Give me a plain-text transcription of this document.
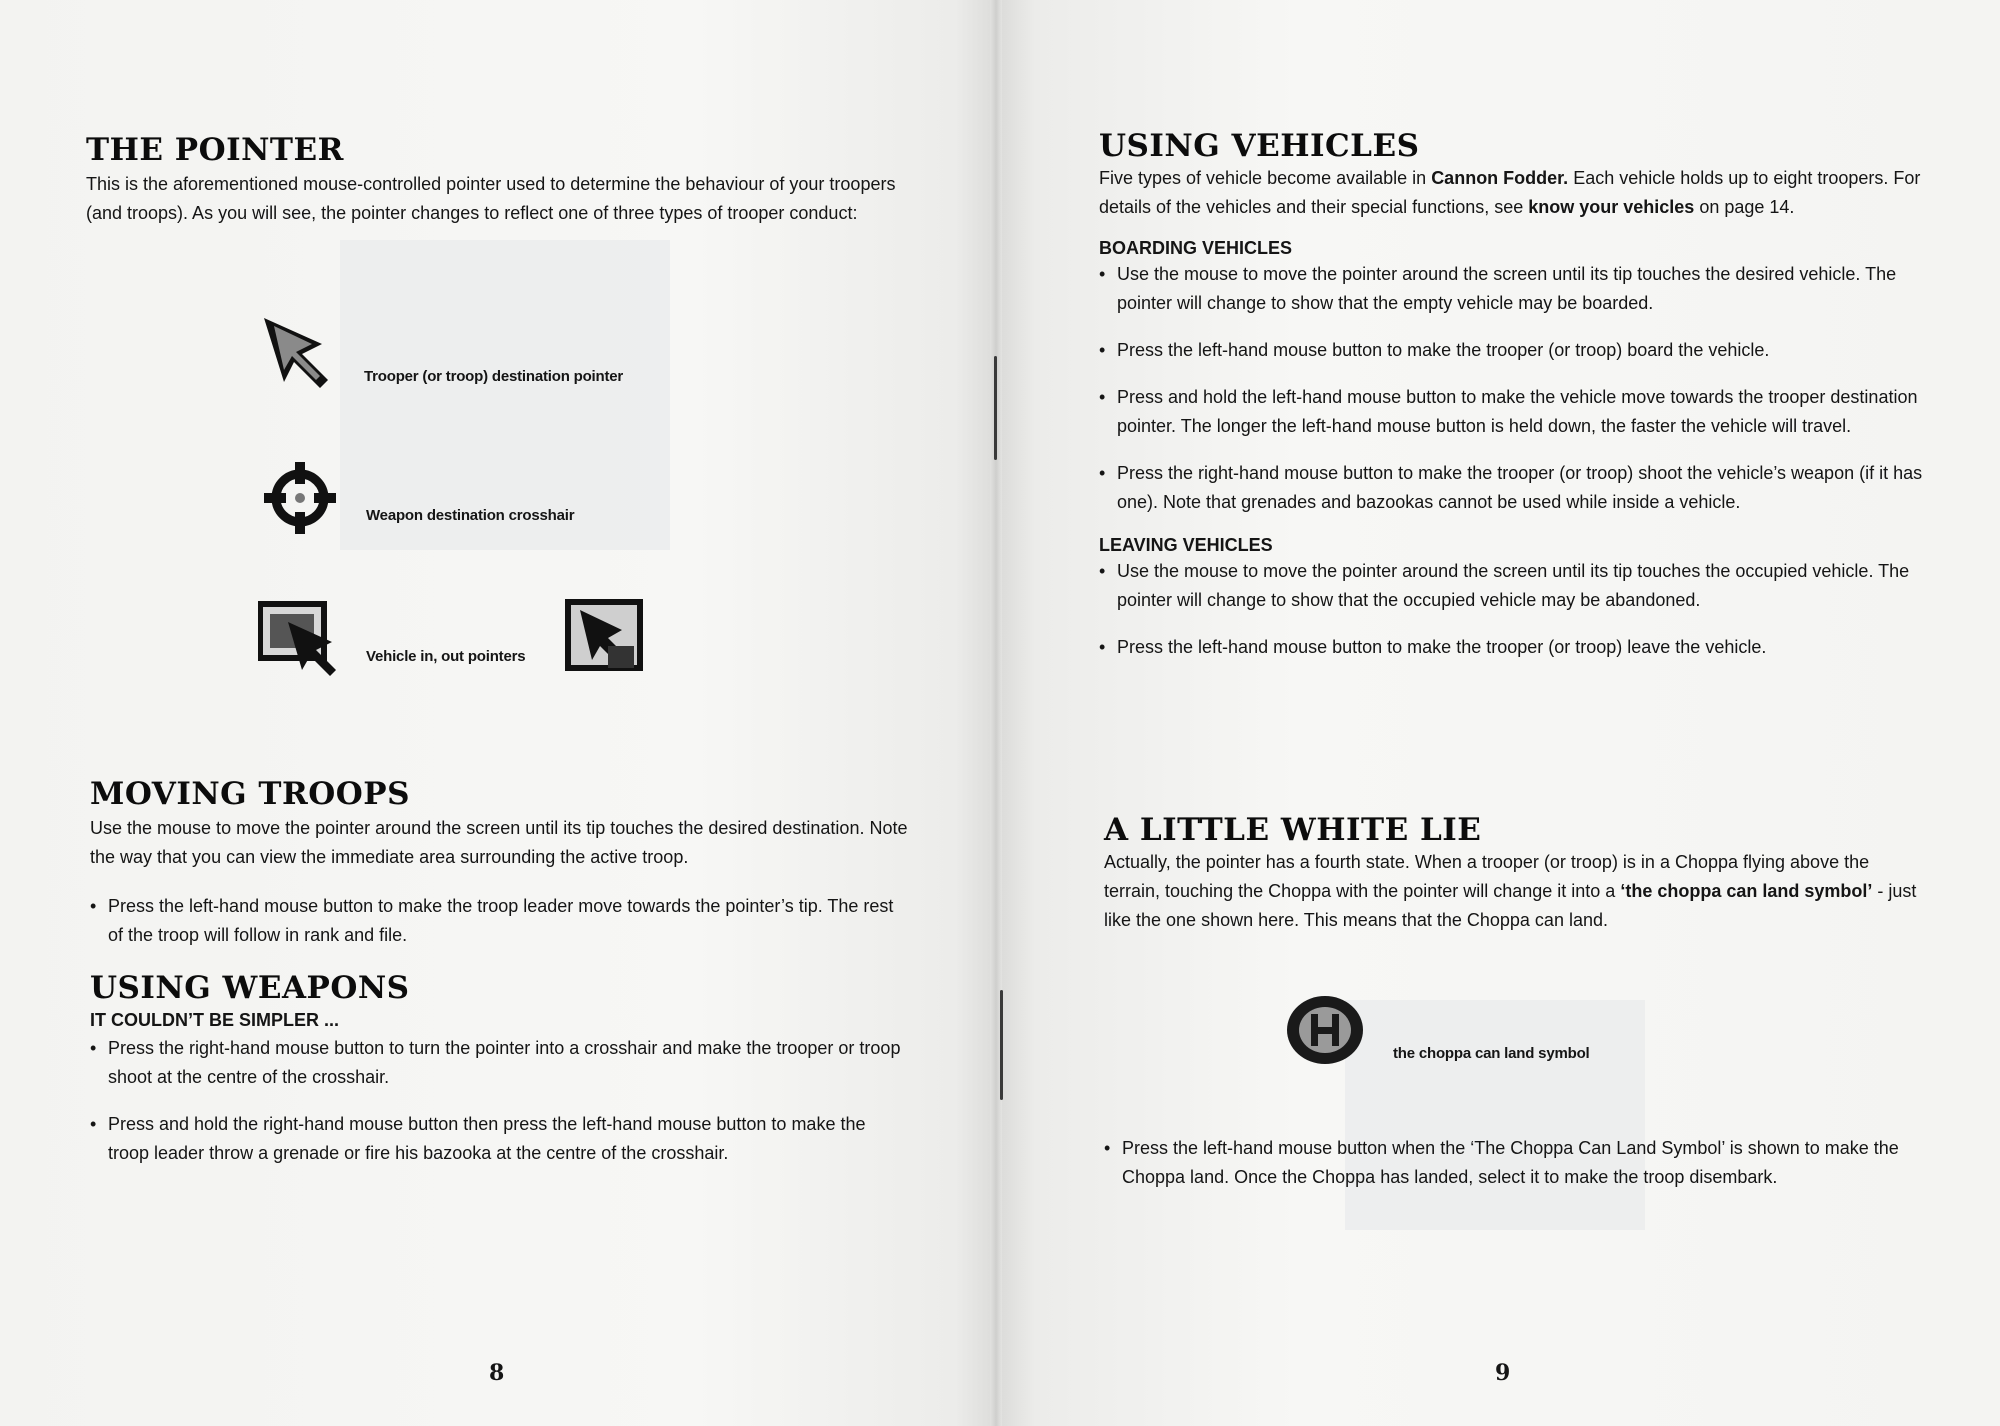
THE POINTER

This is the aforementioned mouse-controlled pointer used to determine the behaviour of your troopers (and troops). As you will see, the pointer changes to reflect one of three types of trooper conduct:

Trooper (or troop) destination pointer
Weapon destination crosshair
Vehicle in, out pointers
MOVING TROOPS

Use the mouse to move the pointer around the screen until its tip touches the desired destination. Note the way that you can view the immediate area surrounding the active troop.

• Press the left-hand mouse button to make the troop leader move towards the pointer’s tip. The rest of the troop will follow in rank and file.
USING WEAPONS
IT COULDN’T BE SIMPLER ...
• Press the right-hand mouse button to turn the pointer into a crosshair and make the trooper or troop shoot at the centre of the crosshair.
• Press and hold the right-hand mouse button then press the left-hand mouse button to make the troop leader throw a grenade or fire his bazooka at the centre of the crosshair.
8
USING VEHICLES

Five types of vehicle become available in Cannon Fodder. Each vehicle holds up to eight troopers. For details of the vehicles and their special functions, see know your vehicles on page 14.

BOARDING VEHICLES
• Use the mouse to move the pointer around the screen until its tip touches the desired vehicle. The pointer will change to show that the empty vehicle may be boarded.
• Press the left-hand mouse button to make the trooper (or troop) board the vehicle.
• Press and hold the left-hand mouse button to make the vehicle move towards the trooper destination pointer. The longer the left-hand mouse button is held down, the faster the vehicle will travel.
• Press the right-hand mouse button to make the trooper (or troop) shoot the vehicle’s weapon (if it has one). Note that grenades and bazookas cannot be used while inside a vehicle.
LEAVING VEHICLES
• Use the mouse to move the pointer around the screen until its tip touches the occupied vehicle. The pointer will change to show that the occupied vehicle may be abandoned.
• Press the left-hand mouse button to make the trooper (or troop) leave the vehicle.
A LITTLE WHITE LIE

Actually, the pointer has a fourth state. When a trooper (or troop) is in a Choppa flying above the terrain, touching the Choppa with the pointer will change it into a ‘the choppa can land symbol’ - just like the one shown here. This means that the Choppa can land.

the choppa can land symbol
• Press the left-hand mouse button when the ‘The Choppa Can Land Symbol’ is shown to make the Choppa land. Once the Choppa has landed, select it to make the troop disembark.
9
